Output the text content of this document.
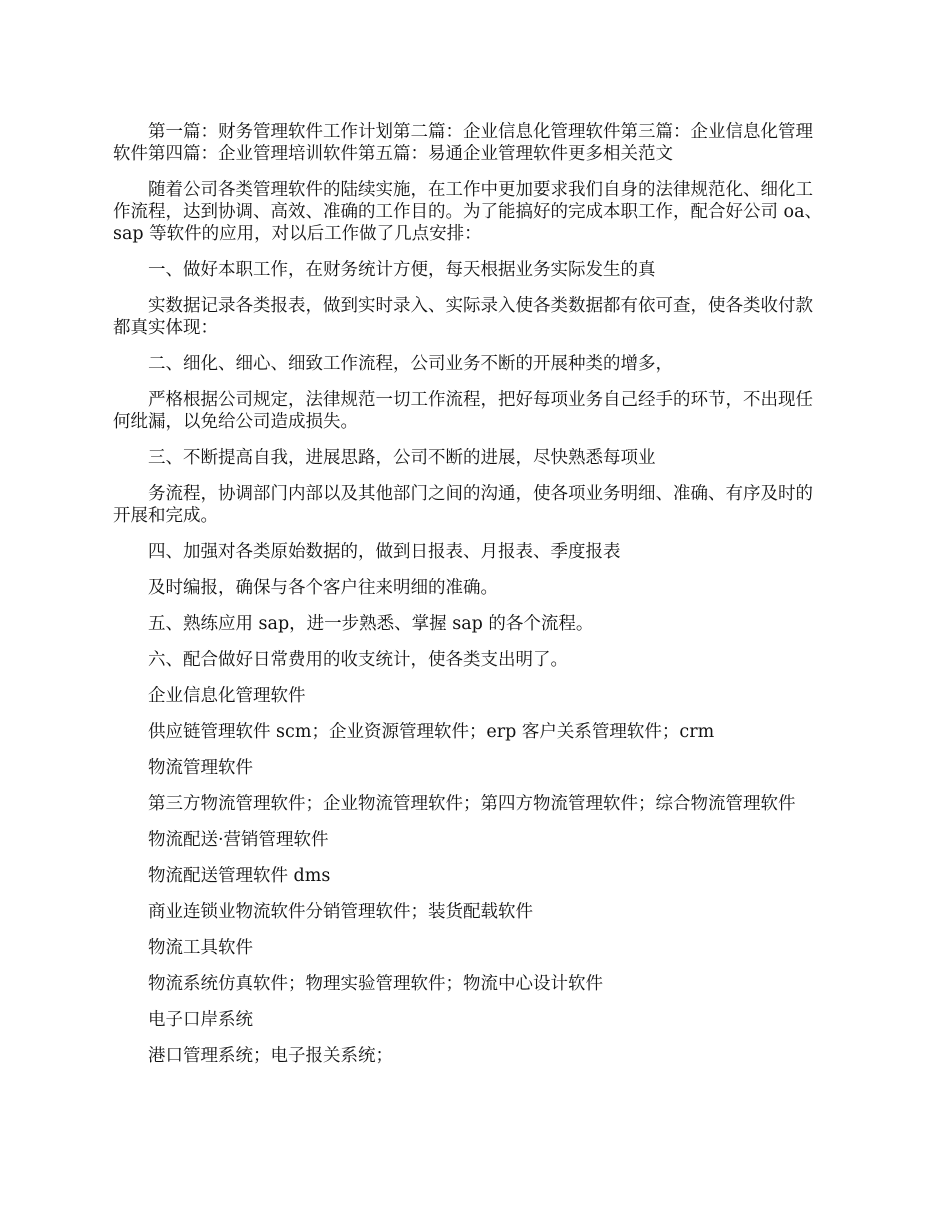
第一篇：财务管理软件工作计划第二篇：企业信息化管理软件第三篇：企业信息化管理软件第四篇：企业管理培训软件第五篇：易通企业管理软件更多相关范文

随着公司各类管理软件的陆续实施，在工作中更加要求我们自身的法律规范化、细化工作流程，达到协调、高效、准确的工作目的。为了能搞好的完成本职工作，配合好公司 oa、sap 等软件的应用，对以后工作做了几点安排：

一、做好本职工作，在财务统计方便，每天根据业务实际发生的真

实数据记录各类报表，做到实时录入、实际录入使各类数据都有依可查，使各类收付款都真实体现：

二、细化、细心、细致工作流程，公司业务不断的开展种类的增多，

严格根据公司规定，法律规范一切工作流程，把好每项业务自己经手的环节，不出现任何纰漏，以免给公司造成损失。

三、不断提高自我，进展思路，公司不断的进展，尽快熟悉每项业

务流程，协调部门内部以及其他部门之间的沟通，使各项业务明细、准确、有序及时的开展和完成。

四、加强对各类原始数据的，做到日报表、月报表、季度报表

及时编报，确保与各个客户往来明细的准确。

五、熟练应用 sap，进一步熟悉、掌握 sap 的各个流程。

六、配合做好日常费用的收支统计，使各类支出明了。

企业信息化管理软件

供应链管理软件 scm；企业资源管理软件；erp 客户关系管理软件；crm

物流管理软件

第三方物流管理软件；企业物流管理软件；第四方物流管理软件；综合物流管理软件

物流配送·营销管理软件

物流配送管理软件 dms

商业连锁业物流软件分销管理软件；装货配载软件

物流工具软件

物流系统仿真软件；物理实验管理软件；物流中心设计软件

电子口岸系统

港口管理系统；电子报关系统；
